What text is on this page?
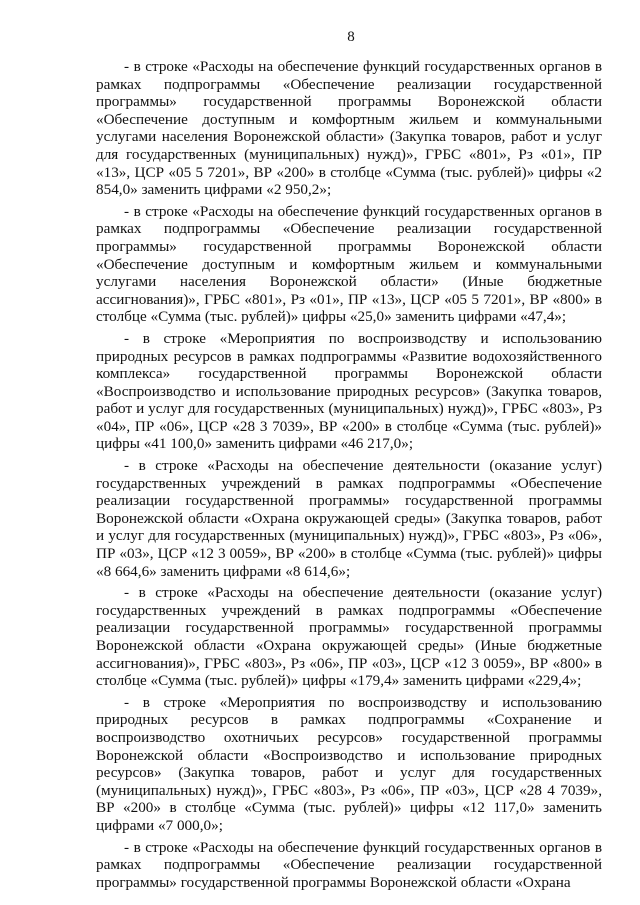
8

- в строке «Расходы на обеспечение функций государственных органов в рамках подпрограммы «Обеспечение реализации государственной программы» государственной программы Воронежской области «Обеспечение доступным и комфортным жильем и коммунальными услугами населения Воронежской области» (Закупка товаров, работ и услуг для государственных (муниципальных) нужд)», ГРБС «801», Рз «01», ПР «13», ЦСР «05 5 7201», ВР «200» в столбце «Сумма (тыс. рублей)» цифры «2 854,0» заменить цифрами «2 950,2»;

- в строке «Расходы на обеспечение функций государственных органов в рамках подпрограммы «Обеспечение реализации государственной программы» государственной программы Воронежской области «Обеспечение доступным и комфортным жильем и коммунальными услугами населения Воронежской области» (Иные бюджетные ассигнования)», ГРБС «801», Рз «01», ПР «13», ЦСР «05 5 7201», ВР «800» в столбце «Сумма (тыс. рублей)» цифры «25,0» заменить цифрами «47,4»;

- в строке «Мероприятия по воспроизводству и использованию природных ресурсов в рамках подпрограммы «Развитие водохозяйственного комплекса» государственной программы Воронежской области «Воспроизводство и использование природных ресурсов» (Закупка товаров, работ и услуг для государственных (муниципальных) нужд)», ГРБС «803», Рз «04», ПР «06», ЦСР «28 3 7039», ВР «200» в столбце «Сумма (тыс. рублей)» цифры «41 100,0» заменить цифрами «46 217,0»;

- в строке «Расходы на обеспечение деятельности (оказание услуг) государственных учреждений в рамках подпрограммы «Обеспечение реализации государственной программы» государственной программы Воронежской области «Охрана окружающей среды» (Закупка товаров, работ и услуг для государственных (муниципальных) нужд)», ГРБС «803», Рз «06», ПР «03», ЦСР «12 3 0059», ВР «200» в столбце «Сумма (тыс. рублей)» цифры «8 664,6» заменить цифрами «8 614,6»;

- в строке «Расходы на обеспечение деятельности (оказание услуг) государственных учреждений в рамках подпрограммы «Обеспечение реализации государственной программы» государственной программы Воронежской области «Охрана окружающей среды» (Иные бюджетные ассигнования)», ГРБС «803», Рз «06», ПР «03», ЦСР «12 3 0059», ВР «800» в столбце «Сумма (тыс. рублей)» цифры «179,4» заменить цифрами «229,4»;

- в строке «Мероприятия по воспроизводству и использованию природных ресурсов в рамках подпрограммы «Сохранение и воспроизводство охотничьих ресурсов» государственной программы Воронежской области «Воспроизводство и использование природных ресурсов» (Закупка товаров, работ и услуг для государственных (муниципальных) нужд)», ГРБС «803», Рз «06», ПР «03», ЦСР «28 4 7039», ВР «200» в столбце «Сумма (тыс. рублей)» цифры «12 117,0» заменить цифрами «7 000,0»;

- в строке «Расходы на обеспечение функций государственных органов в рамках подпрограммы «Обеспечение реализации государственной программы» государственной программы Воронежской области «Охрана
